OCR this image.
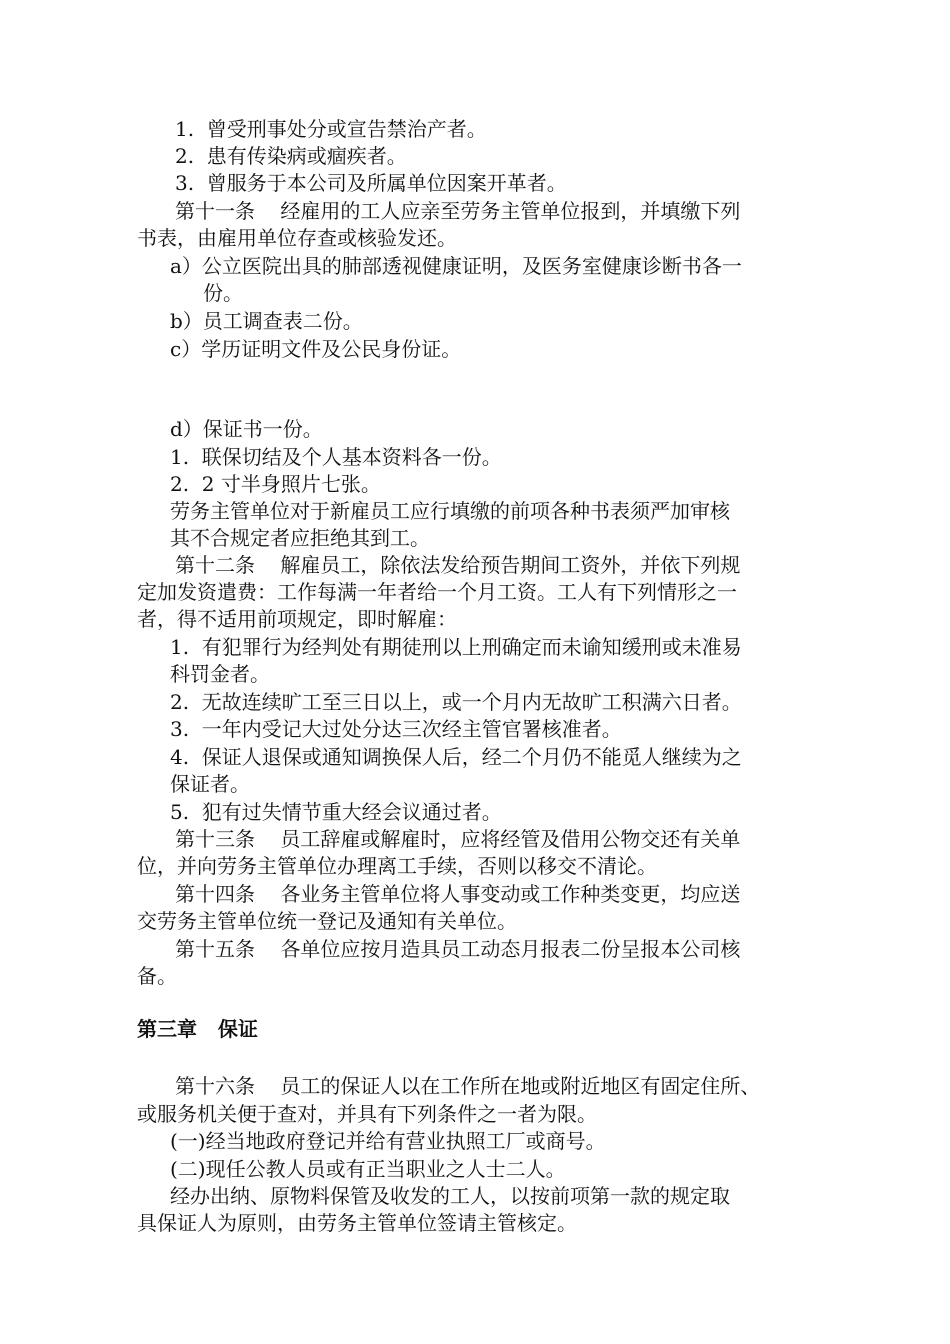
1.  曾受刑事处分或宣告禁治产者。

2.  患有传染病或痼疾者。

3.  曾服务于本公司及所属单位因案开革者。

第十一条    经雇用的工人应亲至劳务主管单位报到，并填缴下列

书表，由雇用单位存查或核验发还。

a）公立医院出具的肺部透视健康证明，及医务室健康诊断书各一

份。

b）员工调查表二份。

c）学历证明文件及公民身份证。

d）保证书一份。

1.  联保切结及个人基本资料各一份。

2.  2 寸半身照片七张。

劳务主管单位对于新雇员工应行填缴的前项各种书表须严加审核

其不合规定者应拒绝其到工。

第十二条    解雇员工，除依法发给预告期间工资外，并依下列规

定加发资遣费：工作每满一年者给一个月工资。工人有下列情形之一

者，得不适用前项规定，即时解雇：

1.  有犯罪行为经判处有期徒刑以上刑确定而未谕知缓刑或未准易

科罚金者。

2.  无故连续旷工至三日以上，或一个月内无故旷工积满六日者。

3.  一年内受记大过处分达三次经主管官署核准者。

4.  保证人退保或通知调换保人后，经二个月仍不能觅人继续为之

保证者。

5.  犯有过失情节重大经会议通过者。

第十三条    员工辞雇或解雇时，应将经管及借用公物交还有关单

位，并向劳务主管单位办理离工手续，否则以移交不清论。

第十四条    各业务主管单位将人事变动或工作种类变更，均应送

交劳务主管单位统一登记及通知有关单位。

第十五条    各单位应按月造具员工动态月报表二份呈报本公司核

备。

第三章   保证

第十六条    员工的保证人以在工作所在地或附近地区有固定住所、

或服务机关便于查对，并具有下列条件之一者为限。

(一)经当地政府登记并给有营业执照工厂或商号。

(二)现任公教人员或有正当职业之人士二人。

经办出纳、原物料保管及收发的工人，以按前项第一款的规定取

具保证人为原则，由劳务主管单位签请主管核定。
